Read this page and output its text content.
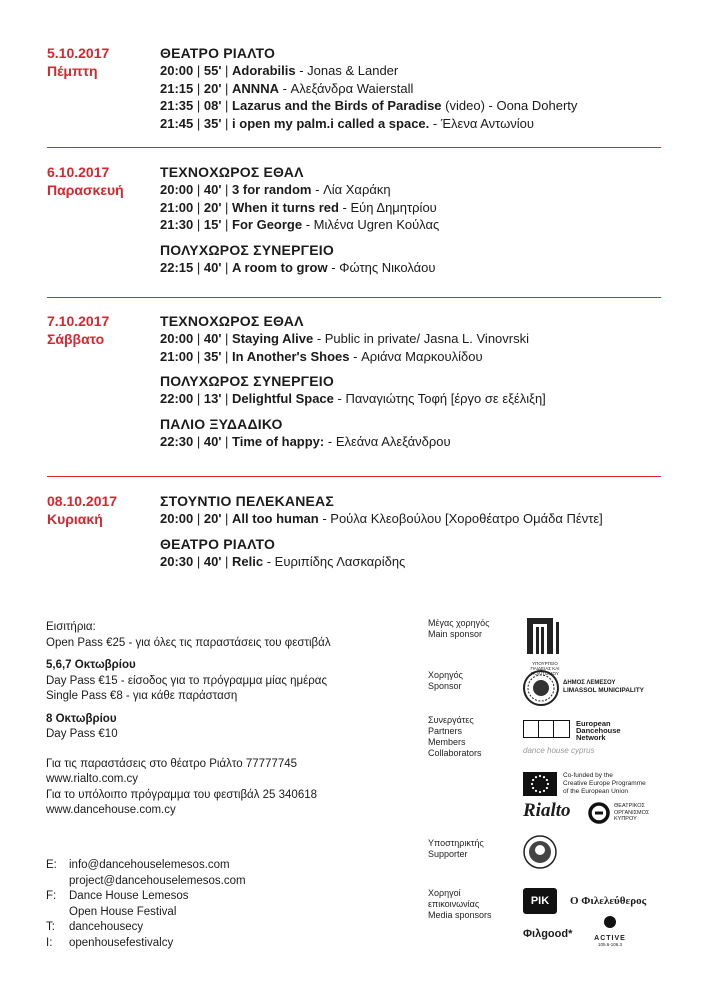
5.10.2017
Πέμπτη
ΘΕΑΤΡΟ ΡΙΑΛΤΟ
20:00 | 55' | Adorabilis - Jonas & Lander
21:15 | 20' | ANNNA - Αλεξάνδρα Waierstall
21:35 | 08' | Lazarus and the Birds of Paradise (video) - Oona Doherty
21:45 | 35' | i open my palm.i called a space. - Έλενα Αντωνίου
6.10.2017
Παρασκευή
ΤΕΧΝΟΧΩΡΟΣ ΕΘΑΛ
20:00 | 40' | 3 for random - Λία Χαράκη
21:00 | 20' | When it turns red - Εύη Δημητρίου
21:30 | 15' | For George - Μιλένα Ugren Κούλας
ΠΟΛΥΧΩΡΟΣ ΣΥΝΕΡΓΕΙΟ
22:15 | 40' | A room to grow - Φώτης Νικολάου
7.10.2017
Σάββατο
ΤΕΧΝΟΧΩΡΟΣ ΕΘΑΛ
20:00 | 40' | Staying Alive - Public in private/ Jasna L. Vinovrski
21:00 | 35' | In Another's Shoes - Αριάνα Μαρκουλίδου
ΠΟΛΥΧΩΡΟΣ ΣΥΝΕΡΓΕΙΟ
22:00 | 13' | Delightful Space - Παναγιώτης Τοφή [έργο σε εξέλιξη]
ΠΑΛΙΟ ΞΥΔΑΔΙΚΟ
22:30 | 40' | Time of happy: - Ελεάνα Αλεξάνδρου
08.10.2017
Κυριακή
ΣΤΟΥΝΤΙΟ ΠΕΛΕΚΑΝΕΑΣ
20:00 | 20' | All too human - Ρούλα Κλεοβούλου [Χοροθέατρο Ομάδα Πέντε]
ΘΕΑΤΡΟ ΡΙΑΛΤΟ
20:30 | 40' | Relic - Ευριπίδης Λασκαρίδης
Εισιτήρια:
Open Pass €25 - για όλες τις παραστάσεις του φεστιβάλ
5,6,7 Οκτωβρίου
Day Pass €15 - είσοδος για το πρόγραμμα μίας ημέρας
Single Pass €8 - για κάθε παράσταση
8 Οκτωβρίου
Day Pass €10
Για τις παραστάσεις στο θέατρο Ριάλτο 77777745
www.rialto.com.cy
Για το υπόλοιπο πρόγραμμα του φεστιβάλ 25 340618
www.dancehouse.com.cy
E:	info@dancehouselemesos.com
project@dancehouselemesos.com
F:	Dance House Lemesos
Open House Festival
T:	dancehousecy
I:	openhousefestivalcy
Μέγας χορηγός
Main sponsor
ΥΠΟΥΡΓΕΙΟ ΠΑΙΔΕΙΑΣ ΚΑΙ ΠΟΛΙΤΙΣΜΟΥ
Χορηγός
Sponsor	ΔΗΜΟΣ ΛΕΜΕΣΟΥ
LIMASSOL MUNICIPALITY
Συνεργάτες
Partners
Members
Collaborators
European
Dancehouse
Network
dance house cyprus
Co-funded by the
Creative Europe Programme
of the European Union
Rialto	ΘΕΑΤΡΙΚΟΣ
ΟΡΓΑΝΙΣΜΟΣ
ΚΥΠΡΟΥ
Υποστηρικτής
Supporter
Χορηγοί
επικοινωνίας
Media sponsors
ΡΙΚ Ο Φιλελεύθερος
Φιλgood*	ACTIVE
105.6-106.3
